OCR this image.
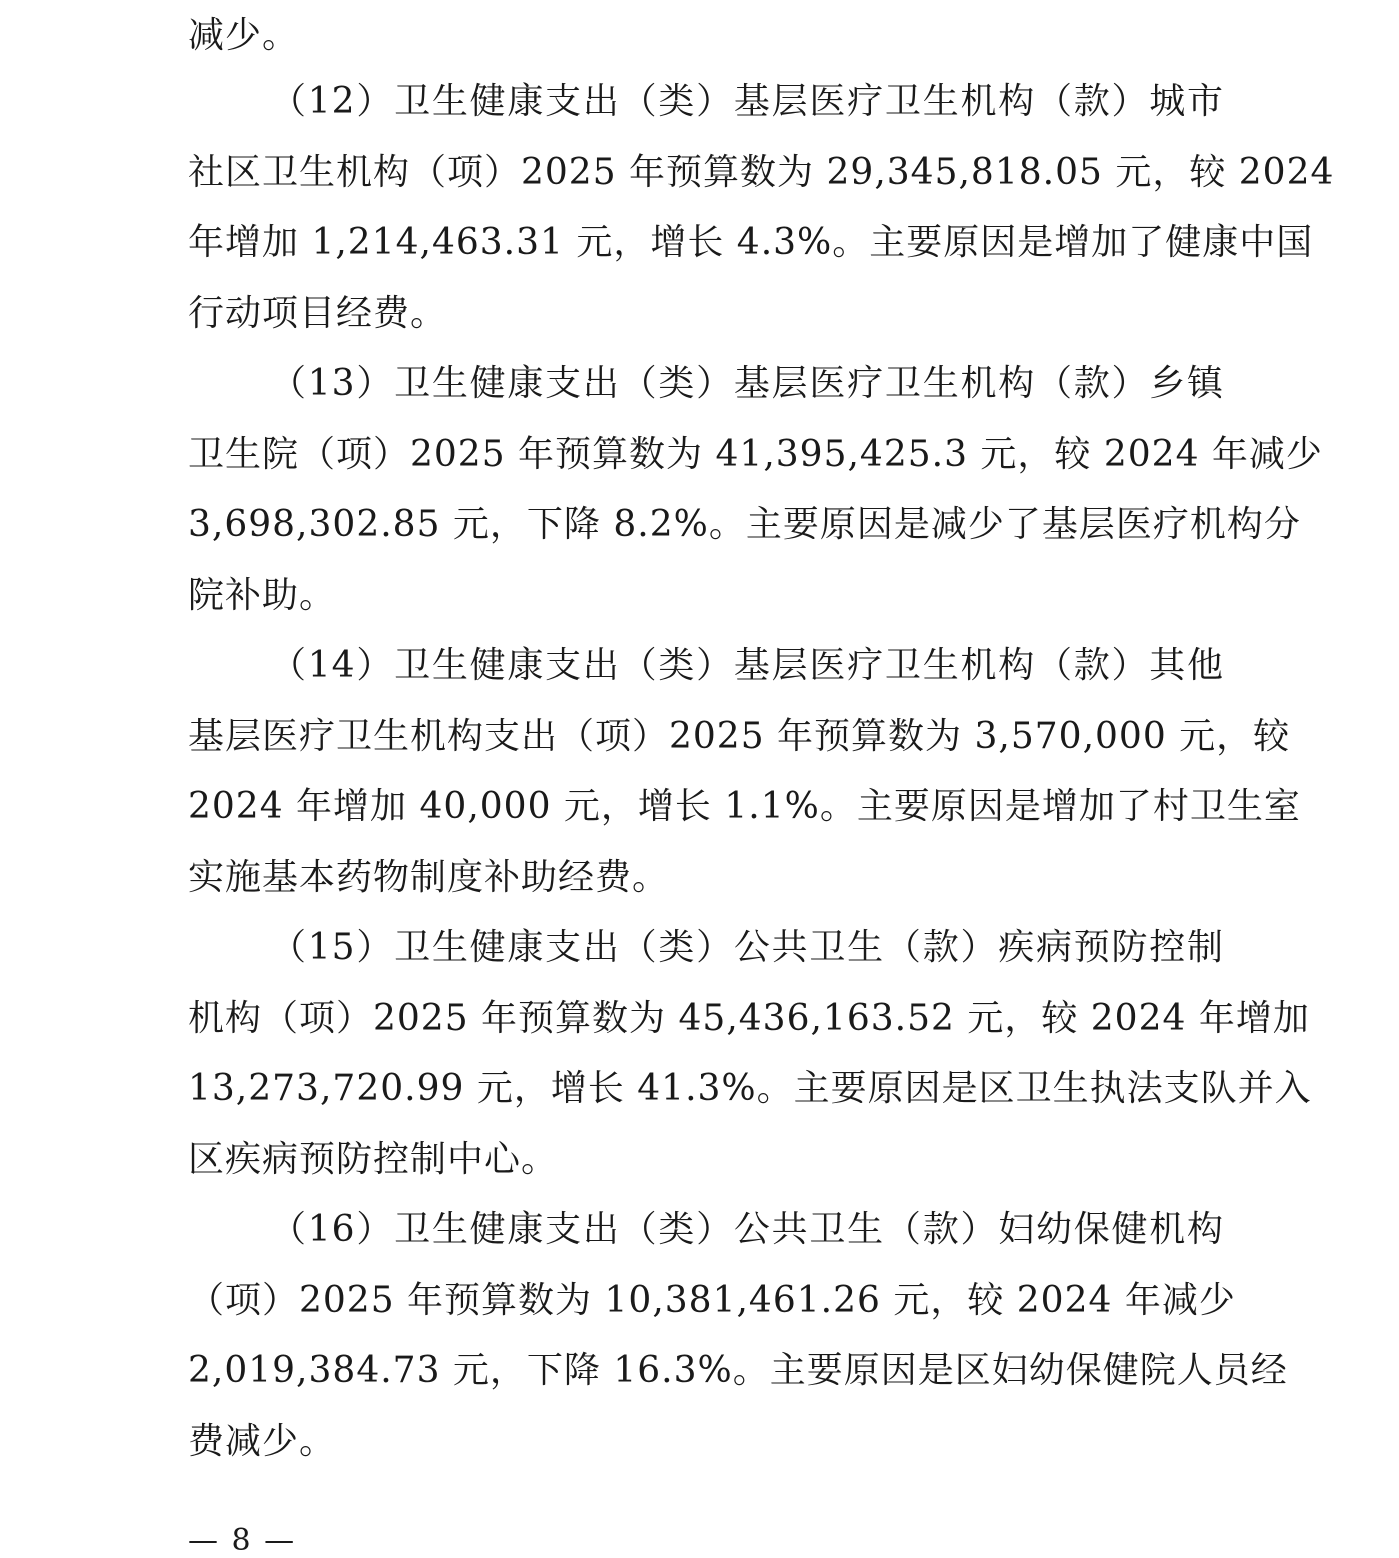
减少。
（12）卫生健康支出（类）基层医疗卫生机构（款）城市
社区卫生机构（项）2025 年预算数为 29,345,818.05 元，较 2024
年增加 1,214,463.31 元，增长 4.3%。主要原因是增加了健康中国
行动项目经费。
（13）卫生健康支出（类）基层医疗卫生机构（款）乡镇
卫生院（项）2025 年预算数为 41,395,425.3 元，较 2024 年减少
3,698,302.85 元，下降 8.2%。主要原因是减少了基层医疗机构分
院补助。
（14）卫生健康支出（类）基层医疗卫生机构（款）其他
基层医疗卫生机构支出（项）2025 年预算数为 3,570,000 元，较
2024 年增加 40,000 元，增长 1.1%。主要原因是增加了村卫生室
实施基本药物制度补助经费。
（15）卫生健康支出（类）公共卫生（款）疾病预防控制
机构（项）2025 年预算数为 45,436,163.52 元，较 2024 年增加
13,273,720.99 元，增长 41.3%。主要原因是区卫生执法支队并入
区疾病预防控制中心。
（16）卫生健康支出（类）公共卫生（款）妇幼保健机构
（项）2025 年预算数为 10,381,461.26 元，较 2024 年减少
2,019,384.73 元，下降 16.3%。主要原因是区妇幼保健院人员经
费减少。
— 8 —
